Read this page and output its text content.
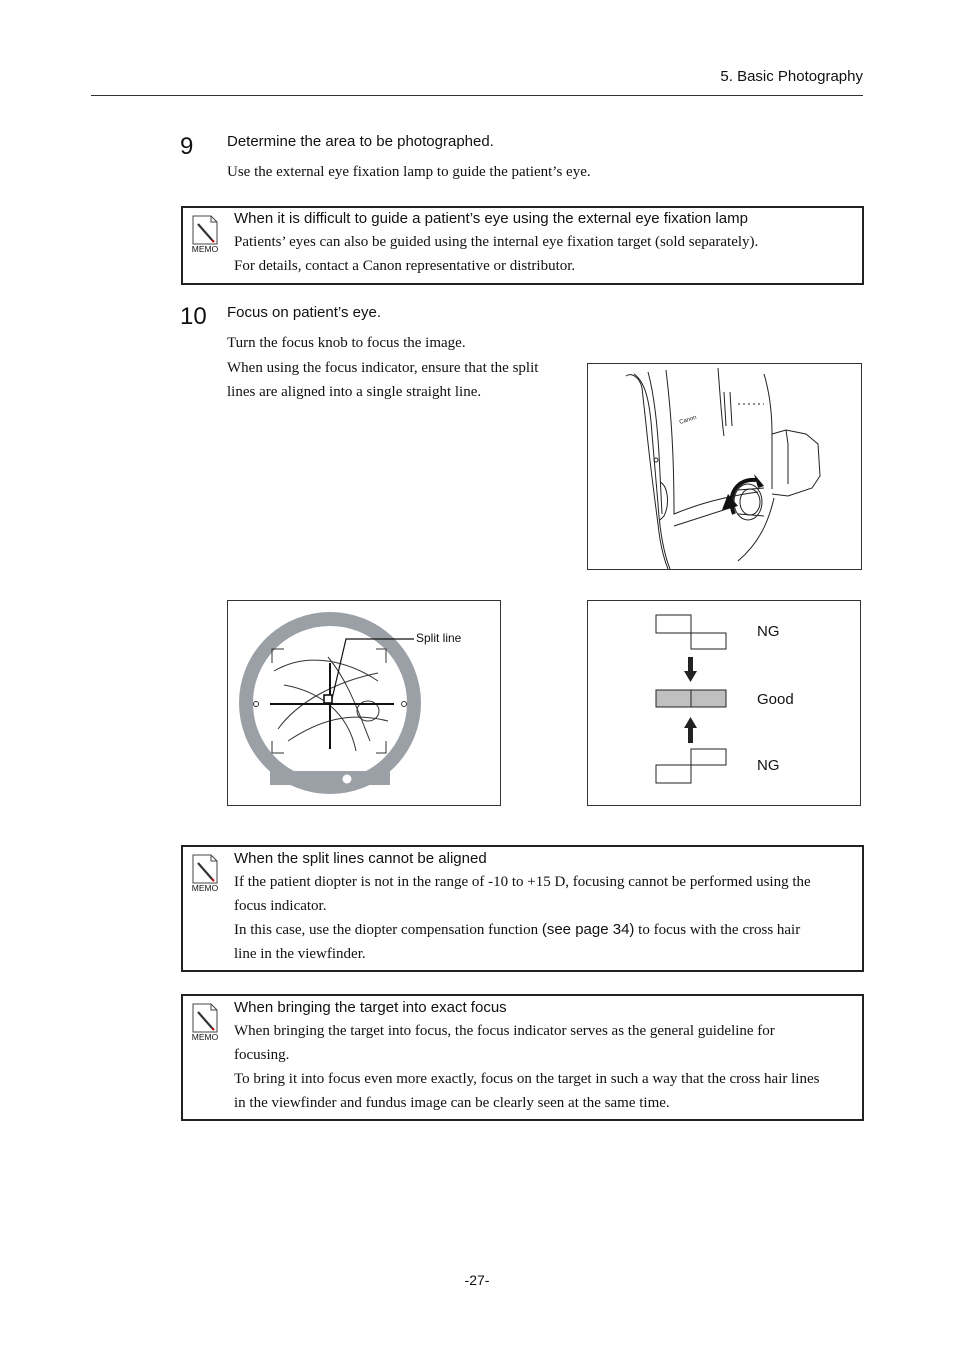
5. Basic Photography
9 Determine the area to be photographed.
Use the external eye fixation lamp to guide the patient’s eye.
MEMO
When it is difficult to guide a patient’s eye using the external eye fixation lamp
Patients’ eyes can also be guided using the internal eye fixation target (sold separately).
For details, contact a Canon representative or distributor.
10 Focus on patient’s eye.
Turn the focus knob to focus the image.
When using the focus indicator, ensure that the split
lines are aligned into a single straight line.
Canon
Split line	NG
Good
NG
MEMO
When the split lines cannot be aligned
If the patient diopter is not in the range of -10 to +15 D, focusing cannot be performed using the
focus indicator.
In this case, use the diopter compensation function (see page 34) to focus with the cross hair
line in the viewfinder.
MEMO
When bringing the target into exact focus
When bringing the target into focus, the focus indicator serves as the general guideline for
focusing.
To bring it into focus even more exactly, focus on the target in such a way that the cross hair lines
in the viewfinder and fundus image can be clearly seen at the same time.
-27-
